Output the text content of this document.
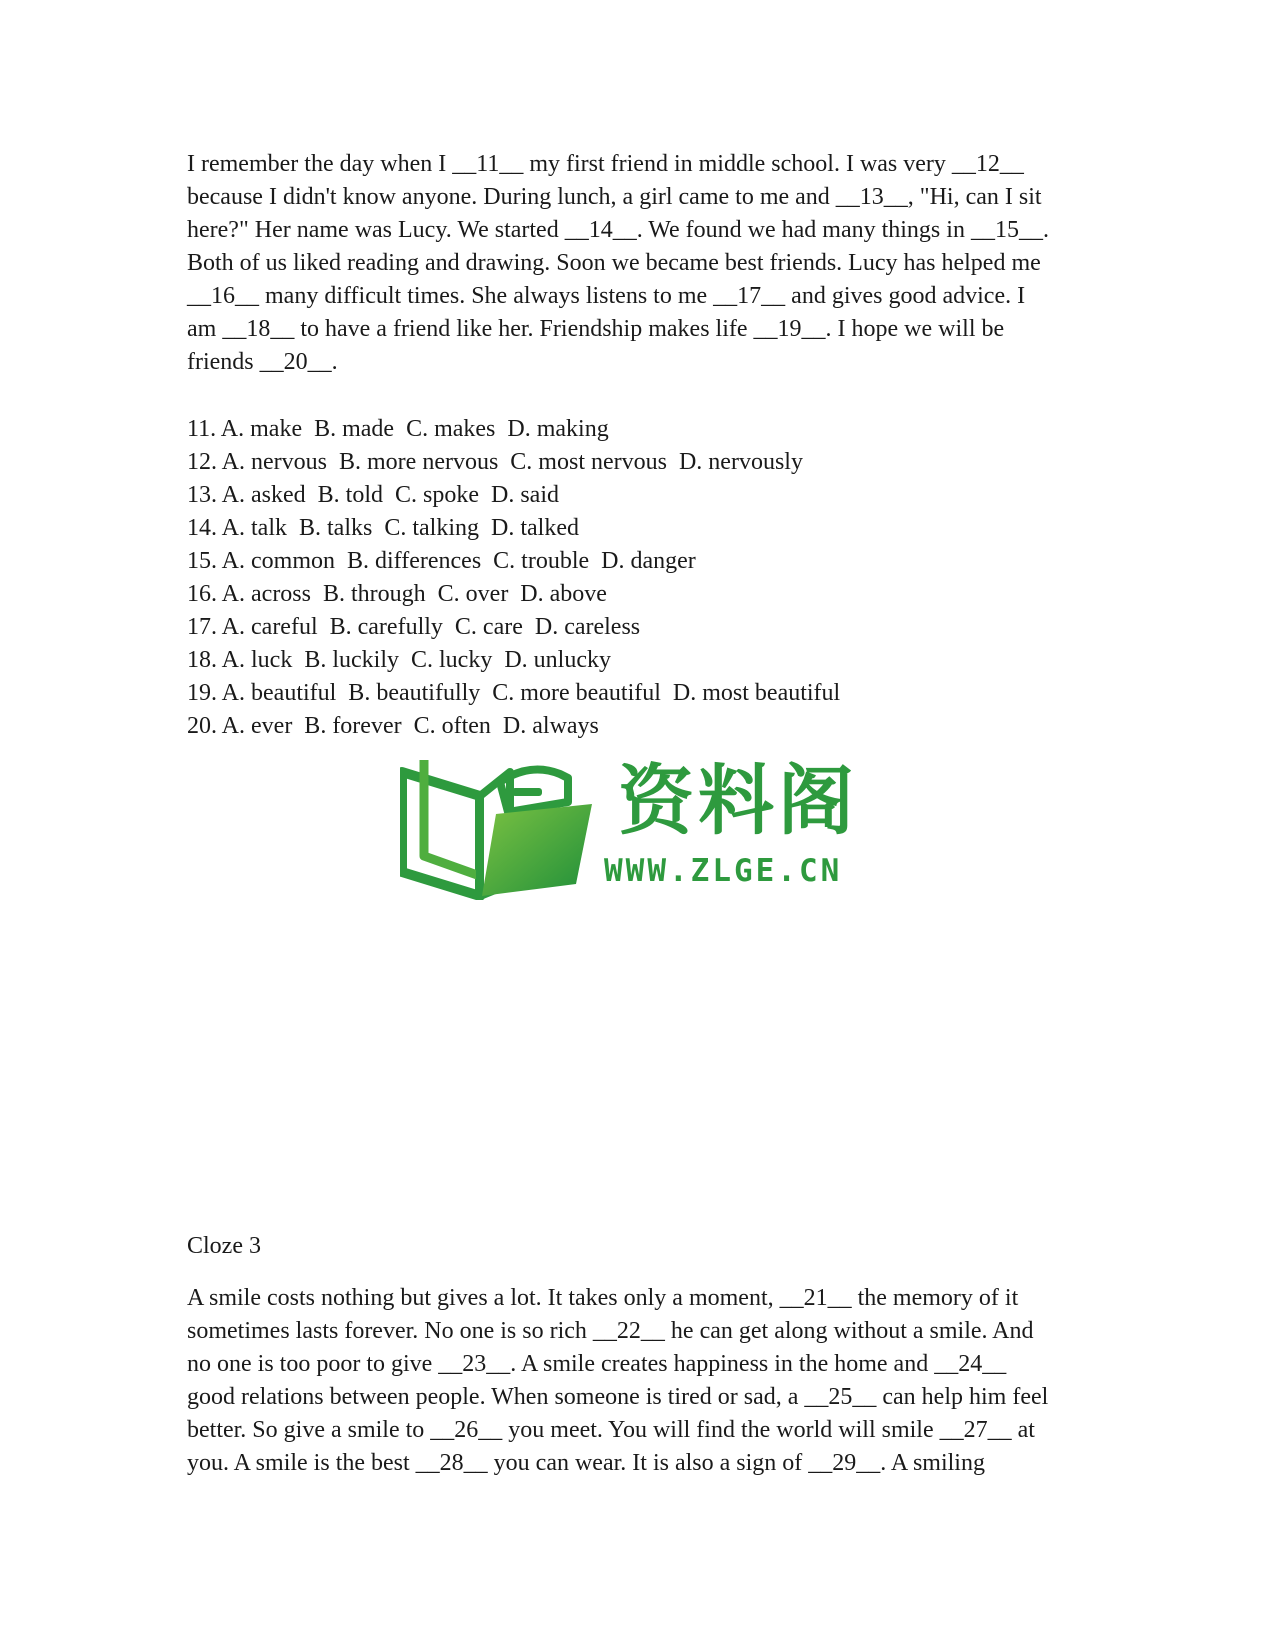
I remember the day when I __11__ my first friend in middle school. I was very __12__
because I didn't know anyone. During lunch, a girl came to me and __13__, "Hi, can I sit
here?" Her name was Lucy. We started __14__. We found we had many things in __15__.
Both of us liked reading and drawing. Soon we became best friends. Lucy has helped me
__16__ many difficult times. She always listens to me __17__ and gives good advice. I
am __18__ to have a friend like her. Friendship makes life __19__. I hope we will be
friends __20__.

11. A. make  B. made  C. makes  D. making
12. A. nervous  B. more nervous  C. most nervous  D. nervously
13. A. asked  B. told  C. spoke  D. said
14. A. talk  B. talks  C. talking  D. talked
15. A. common  B. differences  C. trouble  D. danger
16. A. across  B. through  C. over  D. above
17. A. careful  B. carefully  C. care  D. careless
18. A. luck  B. luckily  C. lucky  D. unlucky
19. A. beautiful  B. beautifully  C. more beautiful  D. most beautiful
20. A. ever  B. forever  C. often  D. always
资料阁
WWW.ZLGE.CN
Cloze 3

A smile costs nothing but gives a lot. It takes only a moment, __21__ the memory of it
sometimes lasts forever. No one is so rich __22__ he can get along without a smile. And
no one is too poor to give __23__. A smile creates happiness in the home and __24__
good relations between people. When someone is tired or sad, a __25__ can help him feel
better. So give a smile to __26__ you meet. You will find the world will smile __27__ at
you. A smile is the best __28__ you can wear. It is also a sign of __29__. A smiling
